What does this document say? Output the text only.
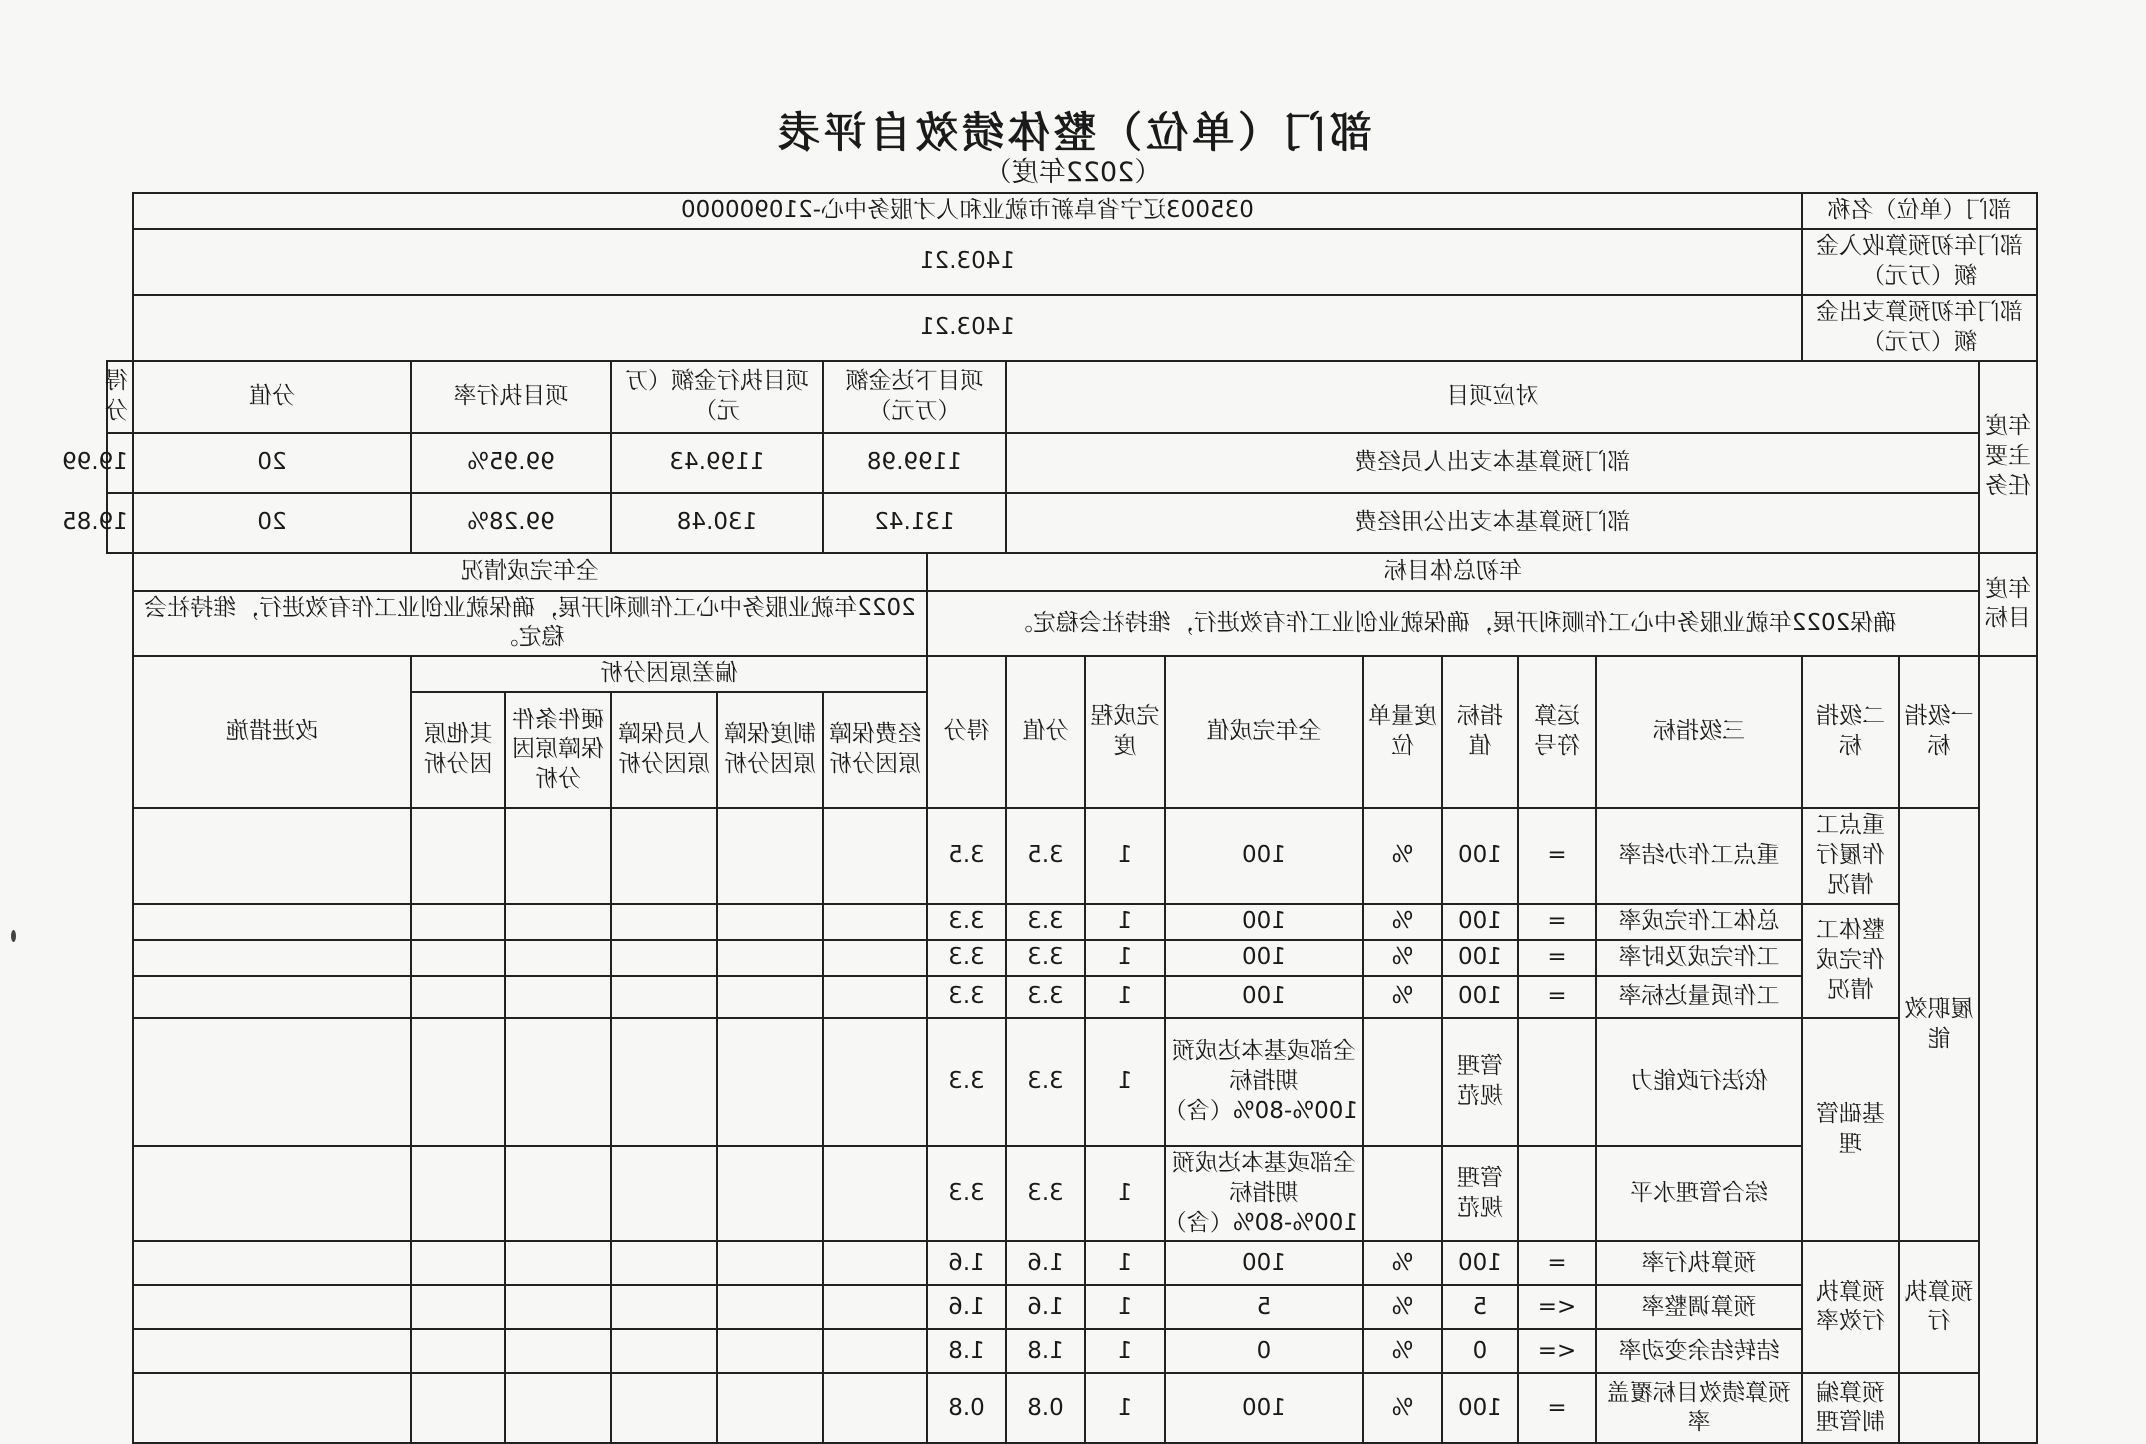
部门（单位）整体绩效自评表
（2022年度）
部门（单位）名称			035003辽宁省阜新市就业和人才服务中心-210900000														
部门年初预算收入金额（万元）			1403.21														
部门年初预算支出金额（万元）			1403.21														
年度主要任务	对应项目									项目下达金额（万元）		项目执行金额（万元）		项目执行率		分值	得分
	部门预算基本支出人员经费									1199.98		1199.43		99.95%		20	19.99
	部门预算基本支出公用经费									131.42		130.48		99.28%		20	19.85
年度目标	年初总体目标										全年完成情况						
	确保2022年就业服务中心工作顺利开展，确保就业创业工作有效进行，维持社会稳定。										2022年就业服务中心工作顺利开展，确保就业创业工作有效进行，维持社会稳定。						
	一级指标	二级指标	三级指标	运算符号	指标值	度量单位	全年完成值	完成程度	分值	得分	偏差原因分析					改进措施	
											经费保障原因分析	制度保障原因分析	人员保障原因分析	硬件条件保障原因分析	其他原因分析		
	履职效能	重点工作履行情况	重点工作办结率	=	100	%	100	1	3.5	3.5							
		整体工作完成情况	总体工作完成率	=	100	%	100	1	3.3	3.3							
			工作完成及时率	=	100	%	100	1	3.3	3.3							
			工作质量达标率	=	100	%	100	1	3.3	3.3							
		基础管理	依法行政能力		管理规范		全部或基本达成预期指标100%-80%（含）	1	3.3	3.3							
			综合管理水平		管理规范		全部或基本达成预期指标100%-80%（含）	1	3.3	3.3							
	预算执行	预算执行效率	预算执行率	=	100	%	100	1	1.6	1.6							
			预算调整率	<=	5	%	5	1	1.6	1.6							
			结转结余变动率	<=	0	%	0	1	1.8	1.8							
		预算编制管理	预算绩效目标覆盖率	=	100	%	100	1	0.8	0.8							
